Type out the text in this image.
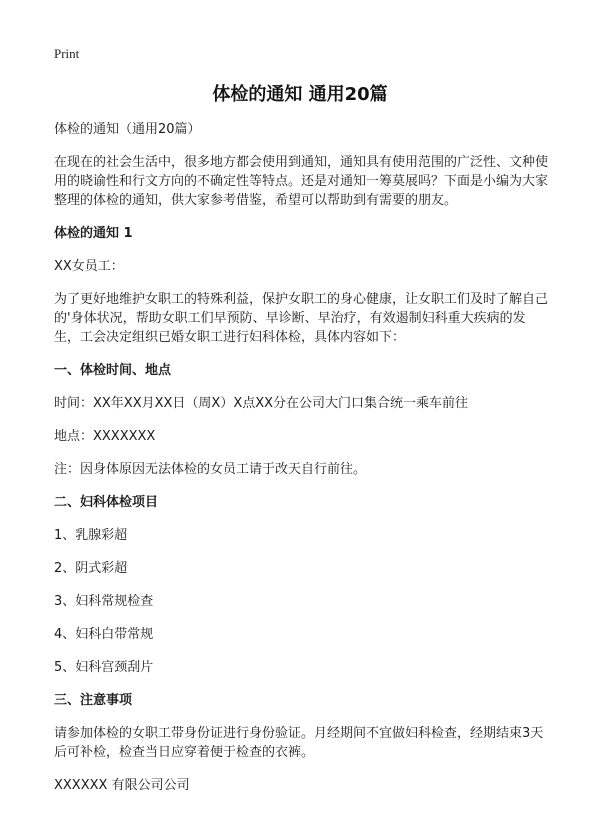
Print
体检的通知 通用20篇

体检的通知（通用20篇）

在现在的社会生活中，很多地方都会使用到通知，通知具有使用范围的广泛性、文种使用的晓谕性和行文方向的不确定性等特点。还是对通知一筹莫展吗？下面是小编为大家整理的体检的通知，供大家参考借鉴，希望可以帮助到有需要的朋友。

体检的通知 1

XX女员工：

为了更好地维护女职工的特殊利益，保护女职工的身心健康，让女职工们及时了解自己的'身体状况，帮助女职工们早预防、早诊断、早治疗，有效遏制妇科重大疾病的发生，工会决定组织已婚女职工进行妇科体检，具体内容如下：

一、体检时间、地点

时间：XX年XX月XX日（周X）X点XX分在公司大门口集合统一乘车前往

地点：XXXXXXX

注：因身体原因无法体检的女员工请于改天自行前往。

二、妇科体检项目

1、乳腺彩超

2、阴式彩超

3、妇科常规检查

4、妇科白带常规

5、妇科宫颈刮片

三、注意事项

请参加体检的女职工带身份证进行身份验证。月经期间不宜做妇科检查，经期结束3天后可补检，检查当日应穿着便于检查的衣裤。

XXXXXX 有限公司公司
